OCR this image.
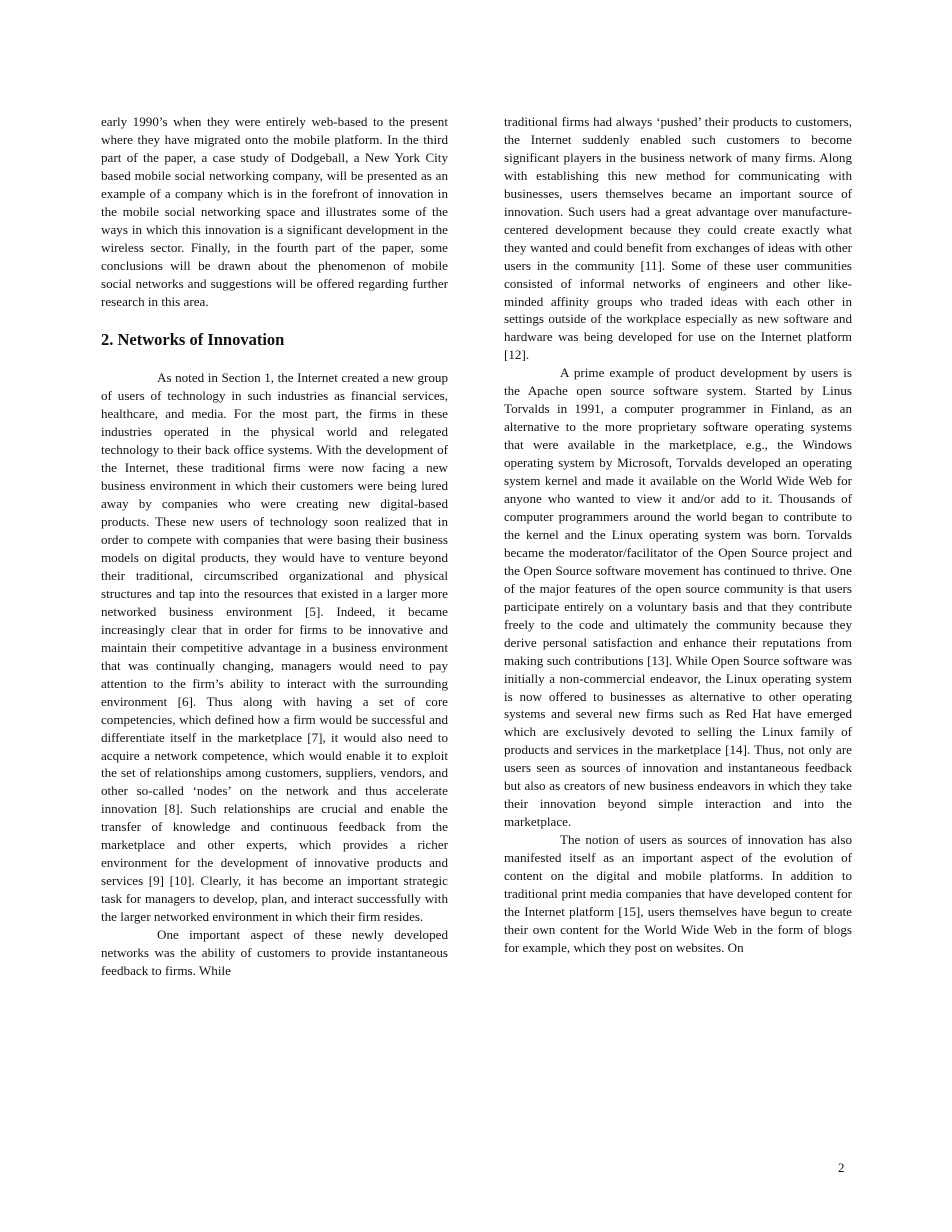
early 1990’s when they were entirely web-based to the present where they have migrated onto the mobile platform. In the third part of the paper, a case study of Dodgeball, a New York City based mobile social networking company, will be presented as an example of a company which is in the forefront of innovation in the mobile social networking space and illustrates some of the ways in which this innovation is a significant development in the wireless sector. Finally, in the fourth part of the paper, some conclusions will be drawn about the phenomenon of mobile social networks and suggestions will be offered regarding further research in this area.

2. Networks of Innovation

As noted in Section 1, the Internet created a new group of users of technology in such industries as financial services, healthcare, and media. For the most part, the firms in these industries operated in the physical world and relegated technology to their back office systems. With the development of the Internet, these traditional firms were now facing a new business environment in which their customers were being lured away by companies who were creating new digital-based products. These new users of technology soon realized that in order to compete with companies that were basing their business models on digital products, they would have to venture beyond their traditional, circumscribed organizational and physical structures and tap into the resources that existed in a larger more networked business environment [5]. Indeed, it became increasingly clear that in order for firms to be innovative and maintain their competitive advantage in a business environment that was continually changing, managers would need to pay attention to the firm’s ability to interact with the surrounding environment [6]. Thus along with having a set of core competencies, which defined how a firm would be successful and differentiate itself in the marketplace [7], it would also need to acquire a network competence, which would enable it to exploit the set of relationships among customers, suppliers, vendors, and other so-called ‘nodes’ on the network and thus accelerate innovation [8]. Such relationships are crucial and enable the transfer of knowledge and continuous feedback from the marketplace and other experts, which provides a richer environment for the development of innovative products and services [9] [10]. Clearly, it has become an important strategic task for managers to develop, plan, and interact successfully with the larger networked environment in which their firm resides.

One important aspect of these newly developed networks was the ability of customers to provide instantaneous feedback to firms. While

traditional firms had always ‘pushed’ their products to customers, the Internet suddenly enabled such customers to become significant players in the business network of many firms. Along with establishing this new method for communicating with businesses, users themselves became an important source of innovation. Such users had a great advantage over manufacture-centered development because they could create exactly what they wanted and could benefit from exchanges of ideas with other users in the community [11]. Some of these user communities consisted of informal networks of engineers and other like-minded affinity groups who traded ideas with each other in settings outside of the workplace especially as new software and hardware was being developed for use on the Internet platform [12].

A prime example of product development by users is the Apache open source software system. Started by Linus Torvalds in 1991, a computer programmer in Finland, as an alternative to the more proprietary software operating systems that were available in the marketplace, e.g., the Windows operating system by Microsoft, Torvalds developed an operating system kernel and made it available on the World Wide Web for anyone who wanted to view it and/or add to it. Thousands of computer programmers around the world began to contribute to the kernel and the Linux operating system was born. Torvalds became the moderator/facilitator of the Open Source project and the Open Source software movement has continued to thrive. One of the major features of the open source community is that users participate entirely on a voluntary basis and that they contribute freely to the code and ultimately the community because they derive personal satisfaction and enhance their reputations from making such contributions [13]. While Open Source software was initially a non-commercial endeavor, the Linux operating system is now offered to businesses as alternative to other operating systems and several new firms such as Red Hat have emerged which are exclusively devoted to selling the Linux family of products and services in the marketplace [14]. Thus, not only are users seen as sources of innovation and instantaneous feedback but also as creators of new business endeavors in which they take their innovation beyond simple interaction and into the marketplace.

The notion of users as sources of innovation has also manifested itself as an important aspect of the evolution of content on the digital and mobile platforms. In addition to traditional print media companies that have developed content for the Internet platform [15], users themselves have begun to create their own content for the World Wide Web in the form of blogs for example, which they post on websites. On

2
